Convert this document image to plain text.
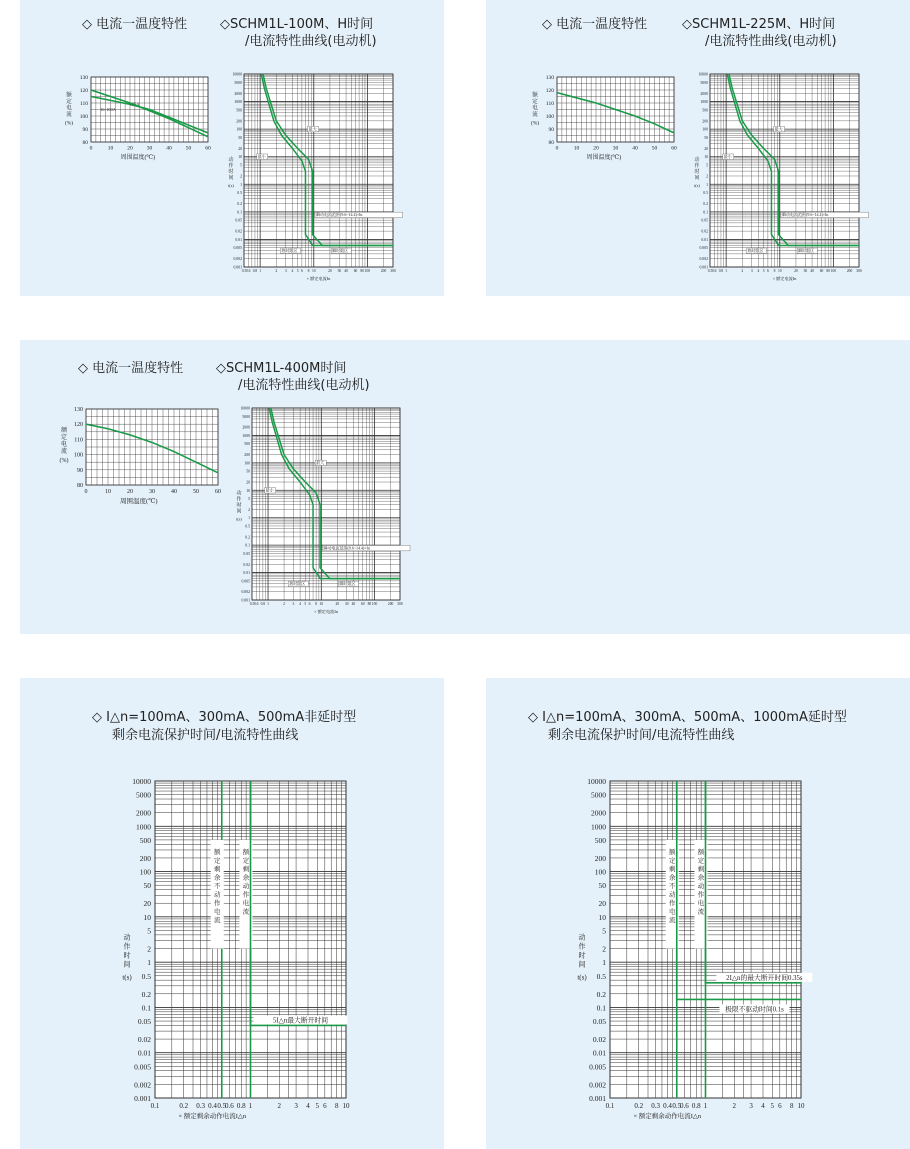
◇ 电流一温度特性	◇SCHM1L-100M、H时间
/电流特性曲线(电动机)
◇ 电流一温度特性	◇SCHM1L-225M、H时间
/电流特性曲线(电动机)
◇ 电流一温度特性	◇SCHM1L-400M时间
/电流特性曲线(电动机)
◇ I△n=100mA、300mA、500mA非延时型
剩余电流保护时间/电流特性曲线
◇ I△n=100mA、300mA、500mA、1000mA延时型
剩余电流保护时间/电流特性曲线
0	10	20	30	40	50	60
80
90
100
110
120
130
周围温度(℃)
额
定
电
流
(%)
125A
16-100A
10000
5000
2000
1000
500
200
100
50
20
10
5
2
1
0.5
0.2
0.1
0.05
0.02
0.01
0.005
0.002
0.001
0.5 0.6 0.8 1	2 3 4 5 6 8 10	20 30 40 60 80 100	200 300
× 额定电流In
动
作
时
间
t(s)
最大
最小
瞬动电流范围(9.6~14.4)×In
热时限区	瞬时限区
0	10	20	30	40	50	60
80
90
100
110
120
130
周围温度(℃)
额
定
电
流
(%)
10000
5000
2000
1000
500
200
100
50
20
10
5
2
1
0.5
0.2
0.1
0.05
0.02
0.01
0.005
0.002
0.001
0.5 0.6 0.8 1	2 3 4 5 6 8 10	20 30 40 60 80 100	200 300
× 额定电流In
动
作
时
间
t(s)
最大
最小
瞬动电流范围(9.6~14.4)×In
热时限区	瞬时限区
0	10	20	30	40	50	60
80
90
100
110
120
130
周围温度(℃)
额
定
电
流
(%)
10000
5000
2000
1000
500
200
100
50
20
10
5
2
1
0.5
0.2
0.1
0.05
0.02
0.01
0.005
0.002
0.001
0.5 0.6 0.8 1	2 3 4 5 6 8 10	20 30 40 60 80 100	200 300
× 额定电流In
动
作
时
间
t(s)
最大
最小
瞬动电流范围(9.6~14.4)×In
热时限区	瞬时限区
10000
5000
2000
1000
500
200
100
50
20
10
5
2
1
0.5
0.2
0.1
0.05
0.02
0.01
0.005
0.002
0.001
0.1	0.2 0.3 0.4 0.5
0.6 0.8 1	2 3 4 5 6 8 10
× 额定剩余动作电流I△n
动
作
时
间
t(s)
额
定
剩
余
不
动
作
电
流
额
定
剩
余
动
作
电
流
5I△n最大断开时间
10000
5000
2000
1000
500
200
100
50
20
10
5
2
1
0.5
0.2
0.1
0.05
0.02
0.01
0.005
0.002
0.001
0.1	0.2 0.3 0.4 0.5
0.6 0.8 1	2 3 4 5 6 8 10
× 额定剩余动作电流I△n
动
作
时
间
t(s)
额
定
剩
余
不
动
作
电
流
额
定
剩
余
动
作
电
流
2I△n的最大断开时间0.35s
极限不驱动时间0.1s
